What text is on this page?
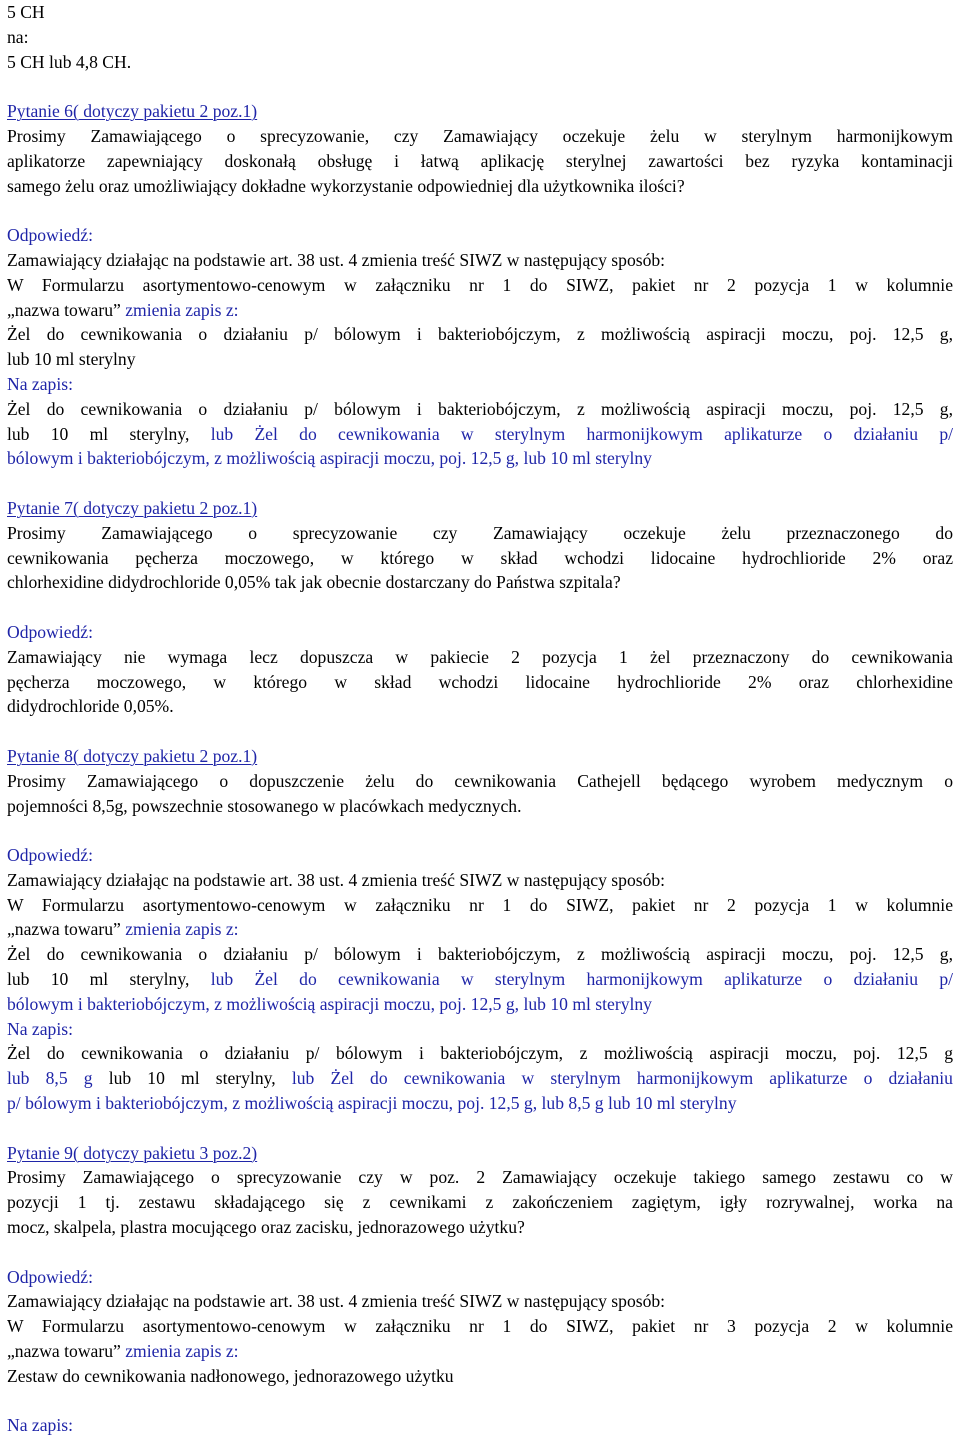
5 CH
na:
5 CH lub 4,8 CH.
Pytanie 6( dotyczy pakietu 2 poz.1)
Prosimy Zamawiającego o sprecyzowanie, czy Zamawiający oczekuje żelu w sterylnym harmonijkowym
aplikatorze zapewniający doskonałą obsługę i łatwą aplikację sterylnej zawartości bez ryzyka kontaminacji
samego żelu oraz umożliwiający dokładne wykorzystanie odpowiedniej dla użytkownika ilości?
Odpowiedź:
Zamawiający działając na podstawie art. 38 ust. 4 zmienia treść SIWZ w następujący sposób:
W Formularzu asortymentowo-cenowym w załączniku nr 1 do SIWZ, pakiet nr 2 pozycja 1 w kolumnie
„nazwa towaru” zmienia zapis z:
Żel do cewnikowania o działaniu p/ bólowym i bakteriobójczym, z możliwością aspiracji moczu, poj. 12,5 g,
lub 10 ml sterylny
Na zapis:
Żel do cewnikowania o działaniu p/ bólowym i bakteriobójczym, z możliwością aspiracji moczu, poj. 12,5 g,
lub 10 ml sterylny, lub Żel do cewnikowania w sterylnym harmonijkowym aplikaturze o działaniu p/
bólowym i bakteriobójczym, z możliwością aspiracji moczu, poj. 12,5 g, lub 10 ml sterylny
Pytanie 7( dotyczy pakietu 2 poz.1)
Prosimy Zamawiającego o sprecyzowanie czy Zamawiający oczekuje żelu przeznaczonego do
cewnikowania pęcherza moczowego, w którego w skład wchodzi lidocaine hydrochlioride 2% oraz
chlorhexidine didydrochloride 0,05% tak jak obecnie dostarczany do Państwa szpitala?
Odpowiedź:
Zamawiający nie wymaga lecz dopuszcza w pakiecie 2 pozycja 1 żel przeznaczony do cewnikowania
pęcherza moczowego, w którego w skład wchodzi lidocaine hydrochlioride 2% oraz chlorhexidine
didydrochloride 0,05%.
Pytanie 8( dotyczy pakietu 2 poz.1)
Prosimy Zamawiającego o dopuszczenie żelu do cewnikowania Cathejell będącego wyrobem medycznym o
pojemności 8,5g, powszechnie stosowanego w placówkach medycznych.
Odpowiedź:
Zamawiający działając na podstawie art. 38 ust. 4 zmienia treść SIWZ w następujący sposób:
W Formularzu asortymentowo-cenowym w załączniku nr 1 do SIWZ, pakiet nr 2 pozycja 1 w kolumnie
„nazwa towaru” zmienia zapis z:
Żel do cewnikowania o działaniu p/ bólowym i bakteriobójczym, z możliwością aspiracji moczu, poj. 12,5 g,
lub 10 ml sterylny, lub Żel do cewnikowania w sterylnym harmonijkowym aplikaturze o działaniu p/
bólowym i bakteriobójczym, z możliwością aspiracji moczu, poj. 12,5 g, lub 10 ml sterylny
Na zapis:
Żel do cewnikowania o działaniu p/ bólowym i bakteriobójczym, z możliwością aspiracji moczu, poj. 12,5 g
lub 8,5 g lub 10 ml sterylny, lub Żel do cewnikowania w sterylnym harmonijkowym aplikaturze o działaniu
p/ bólowym i bakteriobójczym, z możliwością aspiracji moczu, poj. 12,5 g, lub 8,5 g lub 10 ml sterylny
Pytanie 9( dotyczy pakietu 3 poz.2)
Prosimy Zamawiającego o sprecyzowanie czy w poz. 2 Zamawiający oczekuje takiego samego zestawu co w
pozycji 1 tj. zestawu składającego się z cewnikami z zakończeniem zagiętym, igły rozrywalnej, worka na
mocz, skalpela, plastra mocującego oraz zacisku, jednorazowego użytku?
Odpowiedź:
Zamawiający działając na podstawie art. 38 ust. 4 zmienia treść SIWZ w następujący sposób:
W Formularzu asortymentowo-cenowym w załączniku nr 1 do SIWZ, pakiet nr 3 pozycja 2 w kolumnie
„nazwa towaru” zmienia zapis z:
Zestaw do cewnikowania nadłonowego, jednorazowego użytku
Na zapis:
